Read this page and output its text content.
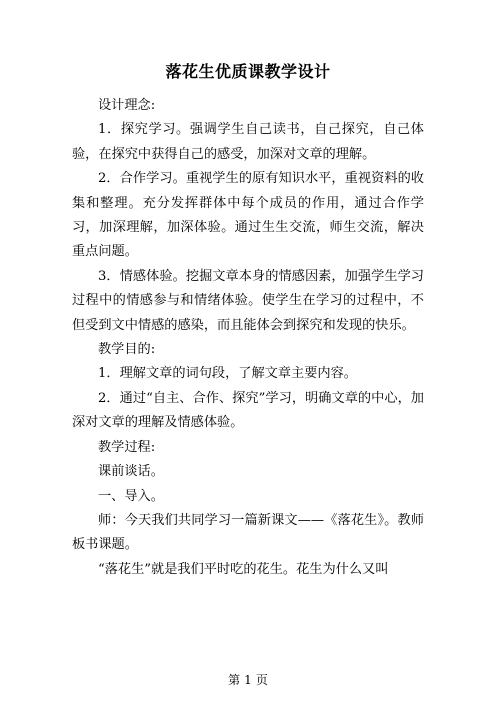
落花生优质课教学设计

设计理念:

1．探究学习。强调学生自己读书，自己探究，自己体验，在探究中获得自己的感受，加深对文章的理解。

2．合作学习。重视学生的原有知识水平，重视资料的收集和整理。充分发挥群体中每个成员的作用，通过合作学习，加深理解，加深体验。通过生生交流，师生交流，解决重点问题。

3．情感体验。挖掘文章本身的情感因素，加强学生学习过程中的情感参与和情绪体验。使学生在学习的过程中，不但受到文中情感的感染，而且能体会到探究和发现的快乐。

教学目的:

1．理解文章的词句段，了解文章主要内容。

2．通过“自主、合作、探究”学习，明确文章的中心，加深对文章的理解及情感体验。

教学过程:

课前谈话。

一、导入。

师：今天我们共同学习一篇新课文——《落花生》。教师板书课题。

“落花生”就是我们平时吃的花生。花生为什么又叫

第 1 页
